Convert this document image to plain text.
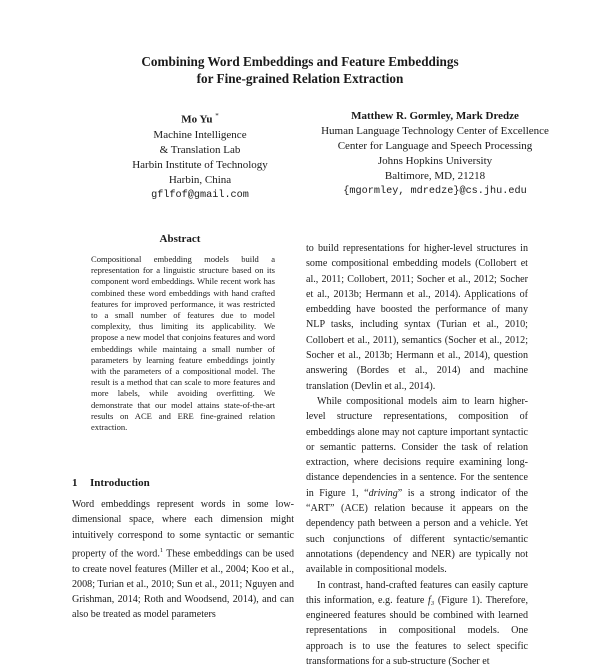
Combining Word Embeddings and Feature Embeddings
for Fine-grained Relation Extraction
Mo Yu *
Machine Intelligence
& Translation Lab
Harbin Institute of Technology
Harbin, China
gflfof@gmail.com
Matthew R. Gormley, Mark Dredze
Human Language Technology Center of Excellence
Center for Language and Speech Processing
Johns Hopkins University
Baltimore, MD, 21218
{mgormley, mdredze}@cs.jhu.edu
Abstract
Compositional embedding models build a representation for a linguistic structure based on its component word embeddings. While recent work has combined these word embeddings with hand crafted features for improved performance, it was restricted to a small number of features due to model complexity, thus limiting its applicability. We propose a new model that conjoins features and word embeddings while maintaing a small number of parameters by learning feature embeddings jointly with the parameters of a compositional model. The result is a method that can scale to more features and more labels, while avoiding overfitting. We demonstrate that our model attains state-of-the-art results on ACE and ERE fine-grained relation extraction.
1 Introduction

Word embeddings represent words in some low-dimensional space, where each dimension might intuitively correspond to some syntactic or semantic property of the word.$^1$ These embeddings can be used to create novel features (Miller et al., 2004; Koo et al., 2008; Turian et al., 2010; Sun et al., 2011; Nguyen and Grishman, 2014; Roth and Woodsend, 2014), and can also be treated as model parameters

to build representations for higher-level structures in some compositional embedding models (Collobert et al., 2011; Collobert, 2011; Socher et al., 2012; Socher et al., 2013b; Hermann et al., 2014). Applications of embedding have boosted the performance of many NLP tasks, including syntax (Turian et al., 2010; Collobert et al., 2011), semantics (Socher et al., 2012; Socher et al., 2013b; Hermann et al., 2014), question answering (Bordes et al., 2014) and machine translation (Devlin et al., 2014).

While compositional models aim to learn higher-level structure representations, composition of embeddings alone may not capture important syntactic or semantic patterns. Consider the task of relation extraction, where decisions require examining long-distance dependencies in a sentence. For the sentence in Figure 1, “driving” is a strong indicator of the “ART” (ACE) relation because it appears on the dependency path between a person and a vehicle. Yet such conjunctions of different syntactic/semantic annotations (dependency and NER) are typically not available in compositional models.

In contrast, hand-crafted features can easily capture this information, e.g. feature f₃ (Figure 1). Therefore, engineered features should be combined with learned representations in compositional models. One approach is to use the features to select specific transformations for a sub-structure (Socher et
